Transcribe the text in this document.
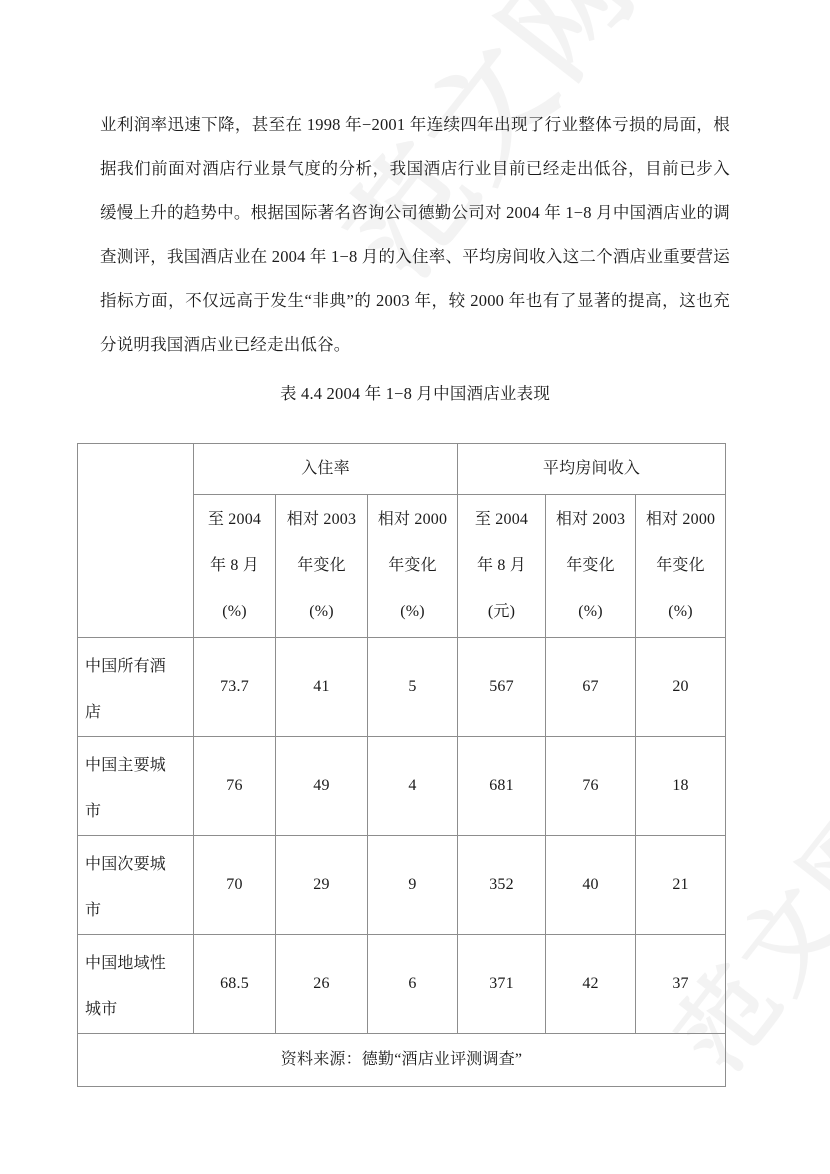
业利润率迅速下降，甚至在 1998 年−2001 年连续四年出现了行业整体亏损的局面，根据我们前面对酒店行业景气度的分析，我国酒店行业目前已经走出低谷，目前已步入缓慢上升的趋势中。根据国际著名咨询公司德勤公司对 2004 年 1−8 月中国酒店业的调查测评，我国酒店业在 2004 年 1−8 月的入住率、平均房间收入这二个酒店业重要营运指标方面，不仅远高于发生“非典”的 2003 年，较 2000 年也有了显著的提高，这也充分说明我国酒店业已经走出低谷。

表 4.4 2004 年 1−8 月中国酒店业表现
	入住率			平均房间收入		

	至 2004
年 8 月
(%)	相对 2003
年变化
(%)	相对 2000
年变化
(%)	至 2004
年 8 月
(元)	相对 2003
年变化
(%)	相对 2000
年变化
(%)

中国所有酒
店	73.7	41	5	567	67	20

中国主要城
市	76	49	4	681	76	18

中国次要城
市	70	29	9	352	40	21

中国地域性
城市	68.5	26	6	371	42	37
资料来源：德勤“酒店业评测调查”						
